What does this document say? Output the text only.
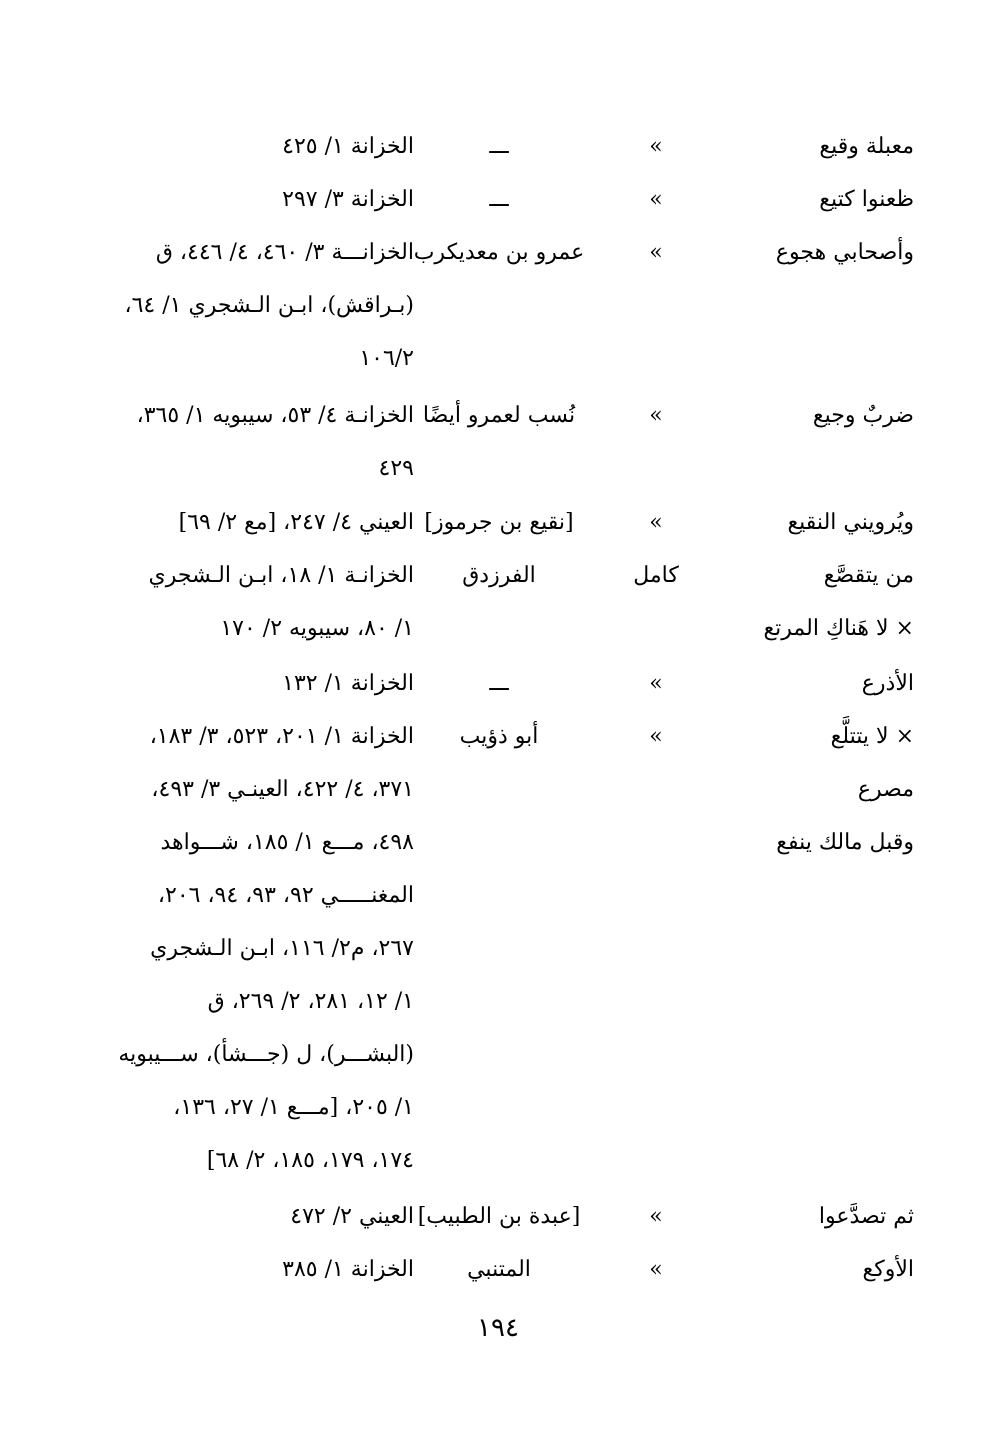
معبلة وقيع
»
ـــ
الخزانة ١/ ٤٢٥
ظعنوا كتيع
»
ـــ
الخزانة ٣/ ٢٩٧
وأصحابي هجوع
»
عمرو بن معديكرب
الخزانـــة ٣/ ٤٦٠، ٤/ ٤٤٦، ق
(بـراقش)، ابـن الـشجري ١/ ٦٤،
١٠٦/٢
ضربٌ وجيع
»
نُسب لعمرو أيضًا
الخزانـة ٤/ ٥٣، سيبويه ١/ ٣٦٥،
٤٢٩
ويُرويني النقيع
»
[نقيع بن جرموز]
العيني ٤/ ٢٤٧، [مع ٢/ ٦٩]
من يتقصَّع
× لا هَناكِ المرتع
كامل
الفرزدق
الخزانـة ١/ ١٨، ابـن الـشجري
١/ ٨٠، سيبويه ٢/ ١٧٠
الأذرع
»
ـــ
الخزانة ١/ ١٣٢
× لا يتتلَّع
مصرع
وقبل مالك ينفع
»
أبو ذؤيب
الخزانة ١/ ٢٠١، ٥٢٣، ٣/ ١٨٣،
٣٧١، ٤/ ٤٢٢، العينـي ٣/ ٤٩٣،
٤٩٨، مـــع ١/ ١٨٥، شـــواهد
المغنـــــي ٩٢، ٩٣، ٩٤، ٢٠٦،
٢٦٧، م٢/ ١١٦، ابـن الـشجري
١/ ١٢، ٢٨١، ٢/ ٢٦٩، ق
(البشـــر)، ل (جـــشأ)، ســـيبويه
١/ ٢٠٥، [مـــع ١/ ٢٧، ١٣٦،
١٧٤، ١٧٩، ١٨٥، ٢/ ٦٨]
ثم تصدَّعوا
»
[عبدة بن الطبيب]
العيني ٢/ ٤٧٢
الأوكع
»
المتنبي
الخزانة ١/ ٣٨٥
١٩٤
